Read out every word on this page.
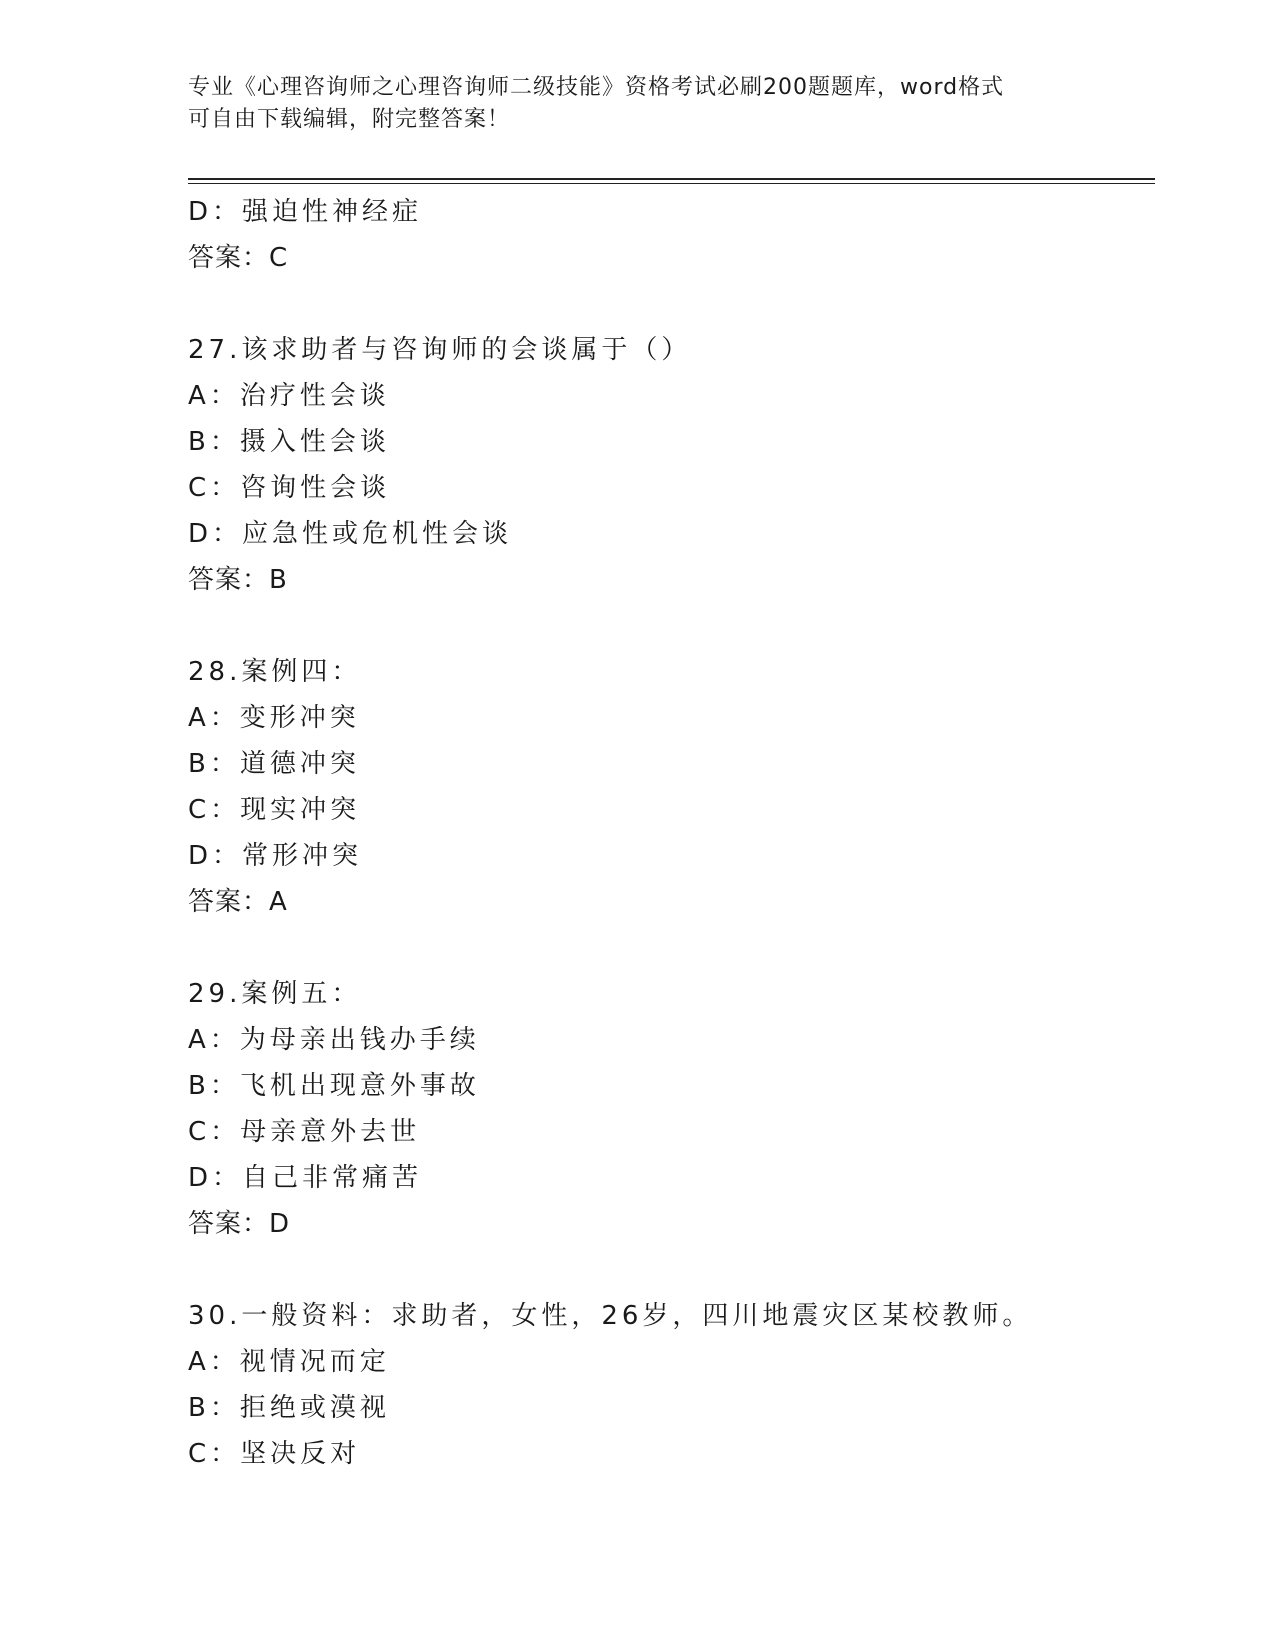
专业《心理咨询师之心理咨询师二级技能》资格考试必刷200题题库，word格式
可自由下载编辑，附完整答案！
D：强迫性神经症
答案：C
27.该求助者与咨询师的会谈属于（）
A：治疗性会谈
B：摄入性会谈
C：咨询性会谈
D：应急性或危机性会谈
答案：B
28.案例四：
A：变形冲突
B：道德冲突
C：现实冲突
D：常形冲突
答案：A
29.案例五：
A：为母亲出钱办手续
B：飞机出现意外事故
C：母亲意外去世
D：自己非常痛苦
答案：D
30.一般资料：求助者，女性，26岁，四川地震灾区某校教师。
A：视情况而定
B：拒绝或漠视
C：坚决反对
